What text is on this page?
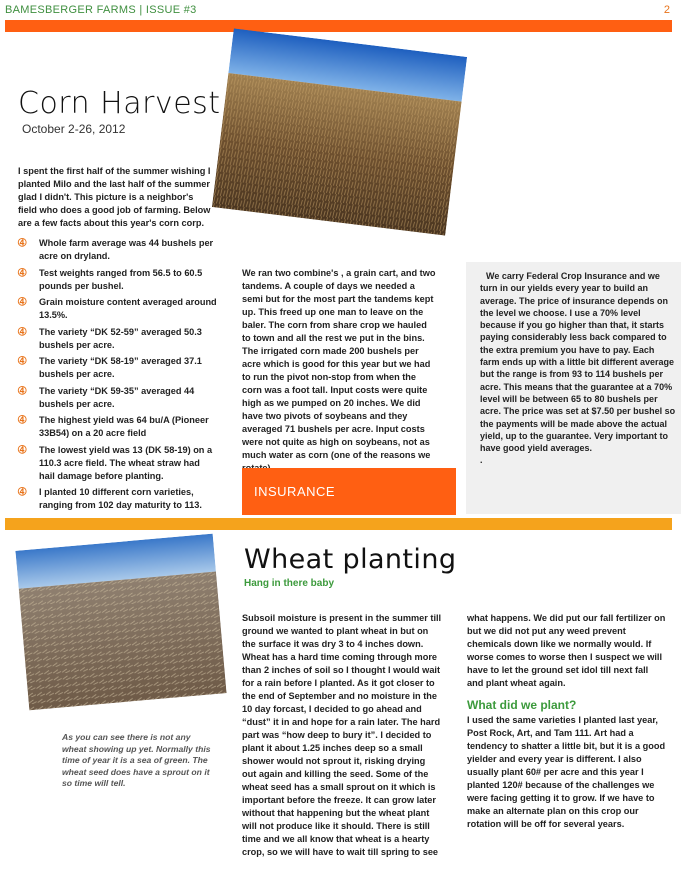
BAMESBERGER FARMS | ISSUE #3	2
Corn Harvest
October 2-26, 2012
I spent the first half of the summer wishing I planted Milo and the last half of the summer glad I didn't. This picture is a neighbor's field who does a good job of farming. Below are a few facts about this year's corn corp.
➃ Whole farm average was 44 bushels per acre on dryland.
➃ Test weights ranged from 56.5 to 60.5 pounds per bushel.
➃ Grain moisture content averaged around 13.5%.
➃ The variety “DK 52-59” averaged 50.3 bushels per acre.
➃ The variety “DK 58-19” averaged 37.1 bushels per acre.
➃ The variety “DK 59-35” averaged 44 bushels per acre.
➃ The highest yield was 64 bu/A (Pioneer 33B54) on a 20 acre field
➃ The lowest yield was 13 (DK 58-19) on a 110.3 acre field. The wheat straw had hail damage before planting.
➃ I planted 10 different corn varieties, ranging from 102 day maturity to 113.
We ran two combine's , a grain cart, and two tandems. A couple of days we needed a semi but for the most part the tandems kept up. This freed up one man to leave on the baler. The corn from share crop we hauled to town and all the rest we put in the bins. The irrigated corn made 200 bushels per acre which is good for this year but we had to run the pivot non-stop from when the corn was a foot tall. Input costs were quite high as we pumped on 20 inches. We did have two pivots of soybeans and they averaged 71 bushels per acre. Input costs were not quite as high on soybeans, not as much water as corn (one of the reasons we
We carry Federal Crop Insurance and we turn in our yields every year to build an average. The price of insurance depends on the level we choose. I use a 70% level because if you go higher than that, it starts paying considerably less back compared to the extra premium you have to pay. Each farm ends up with a little bit different average but the range is from 93 to 114 bushels per acre. This means that the guarantee at a 70% level will be between 65 to 80 bushels per acre. The price was set at $7.50 per bushel so the payments will be made above the actual yield, up to the guarantee. Very important to have good yield averages.
.
INSURANCE
As you can see there is not any wheat showing up yet. Normally this time of year it is a sea of green. The wheat seed does have a sprout on it so time will tell.
Wheat planting
Hang in there baby
Subsoil moisture is present in the summer till ground we wanted to plant wheat in but on the surface it was dry 3 to 4 inches down. Wheat has a hard time coming through more than 2 inches of soil so I thought I would wait for a rain before I planted. As it got closer to the end of September and no moisture in the 10 day forcast, I decided to go ahead and “dust” it in and hope for a rain later. The hard part was “how deep to bury it”. I decided to plant it about 1.25 inches deep so a small shower would not sprout it, risking drying out again and killing the seed. Some of the wheat seed has a small sprout on it which is important before the freeze. It can grow later without that happening but the wheat plant will not produce like it should. There is still time and we all know that wheat is a hearty crop, so we will have to wait till spring to see
what happens. We did put our fall fertilizer on but we did not put any weed prevent chemicals down like we normally would. If worse comes to worse then I suspect we will have to let the ground set idol till next fall and plant wheat again.
What did we plant?
I used the same varieties I planted last year, Post Rock, Art, and Tam 111. Art had a tendency to shatter a little bit, but it is a good yielder and every year is different. I also usually plant 60# per acre and this year I planted 120# because of the challenges we were facing getting it to grow. If we have to make an alternate plan on this crop our rotation will be off for several years.
